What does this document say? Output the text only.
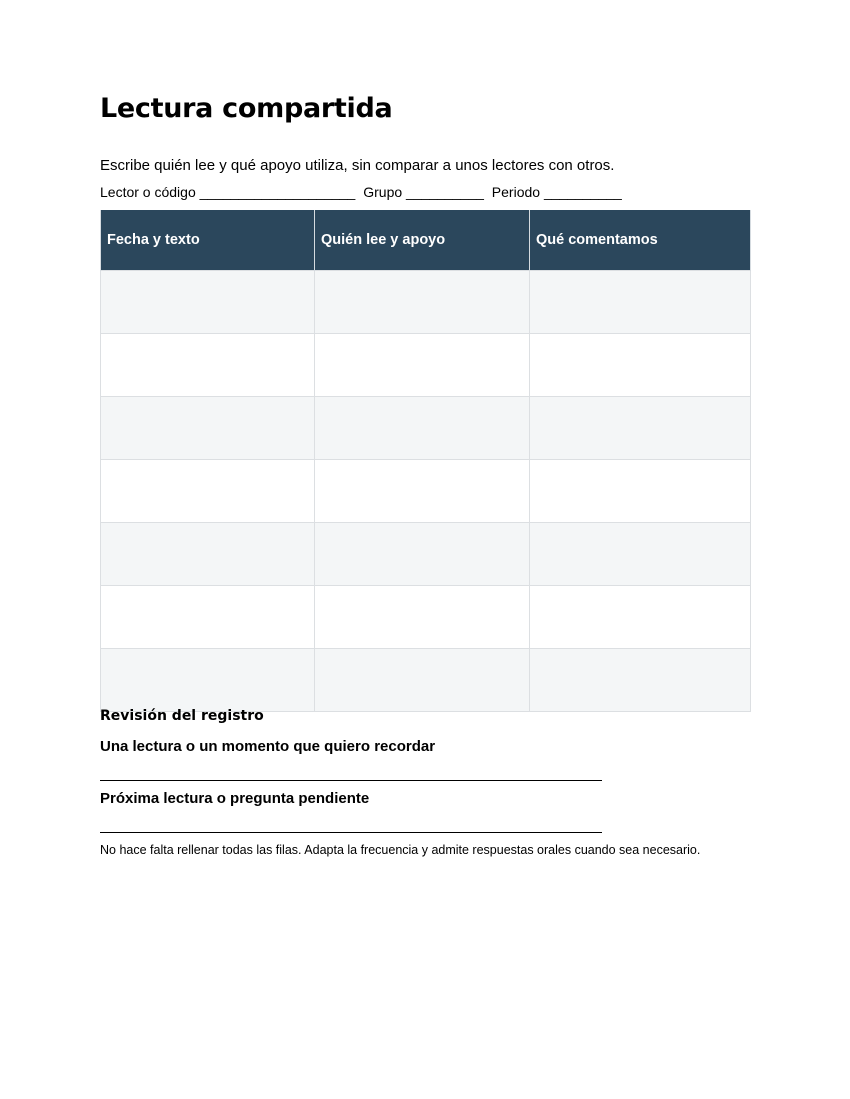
Lectura compartida
Escribe quién lee y qué apoyo utiliza, sin comparar a unos lectores con otros.
Lector o código ____________________ Grupo __________ Periodo __________
Fecha y texto	Quién lee y apoyo	Qué comentamos

Revisión del registro
Una lectura o un momento que quiero recordar
Próxima lectura o pregunta pendiente
No hace falta rellenar todas las filas. Adapta la frecuencia y admite respuestas orales cuando sea necesario.
